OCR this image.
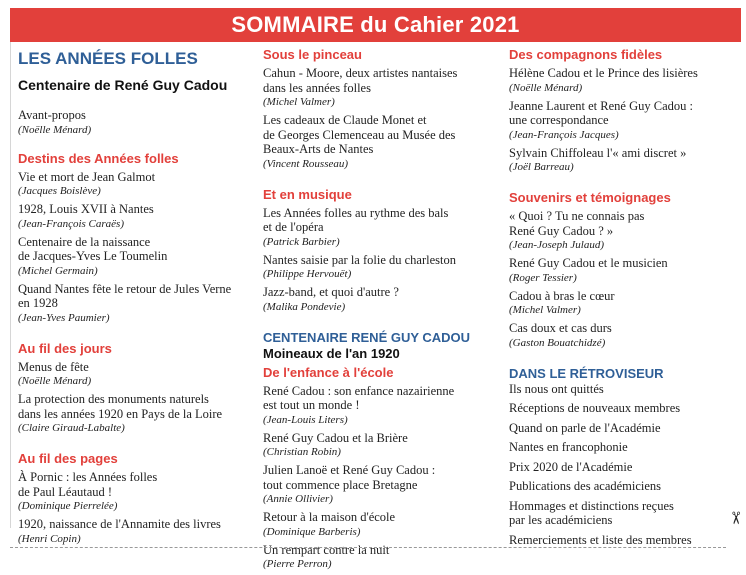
SOMMAIRE du Cahier 2021
LES ANNÉES FOLLES
Centenaire de René Guy Cadou
Avant-propos
(Noëlle Ménard)
Destins des Années folles
Vie et mort de Jean Galmot
(Jacques Boislève)
1928, Louis XVII à Nantes
(Jean-François Caraës)
Centenaire de la naissance
de Jacques-Yves Le Toumelin
(Michel Germain)
Quand Nantes fête le retour de Jules Verne
en 1928
(Jean-Yves Paumier)
Au fil des jours
Menus de fête
(Noëlle Ménard)
La protection des monuments naturels
dans les années 1920 en Pays de la Loire
(Claire Giraud-Labalte)
Au fil des pages
À Pornic : les Années folles
de Paul Léautaud !
(Dominique Pierrelée)
1920, naissance de l'Annamite des livres
(Henri Copin)
Sous le pinceau
Cahun - Moore, deux artistes nantaises
dans les années folles
(Michel Valmer)
Les cadeaux de Claude Monet et
de Georges Clemenceau au Musée des
Beaux-Arts de Nantes
(Vincent Rousseau)
Et en musique
Les Années folles au rythme des bals
et de l'opéra
(Patrick Barbier)
Nantes saisie par la folie du charleston
(Philippe Hervouët)
Jazz-band, et quoi d'autre ?
(Malika Pondevie)
CENTENAIRE RENÉ GUY CADOU
Moineaux de l'an 1920
De l'enfance à l'école
René Cadou : son enfance nazairienne
est tout un monde !
(Jean-Louis Liters)
René Guy Cadou et la Brière
(Christian Robin)
Julien Lanoë et René Guy Cadou :
tout commence place Bretagne
(Annie Ollivier)
Retour à la maison d'école
(Dominique Barberis)
Un rempart contre la nuit
(Pierre Perron)
Des compagnons fidèles
Hélène Cadou et le Prince des lisières
(Noëlle Ménard)
Jeanne Laurent et René Guy Cadou :
une correspondance
(Jean-François Jacques)
Sylvain Chiffoleau l'« ami discret »
(Joël Barreau)
Souvenirs et témoignages
« Quoi ? Tu ne connais pas
René Guy Cadou ? »
(Jean-Joseph Julaud)
René Guy Cadou et le musicien
(Roger Tessier)
Cadou à bras le cœur
(Michel Valmer)
Cas doux et cas durs
(Gaston Bouatchidzé)
DANS LE RÉTROVISEUR
Ils nous ont quittés
Réceptions de nouveaux membres
Quand on parle de l'Académie
Nantes en francophonie
Prix 2020 de l'Académie
Publications des académiciens
Hommages et distinctions reçues
par les académiciens
Remerciements et liste des membres
✂
